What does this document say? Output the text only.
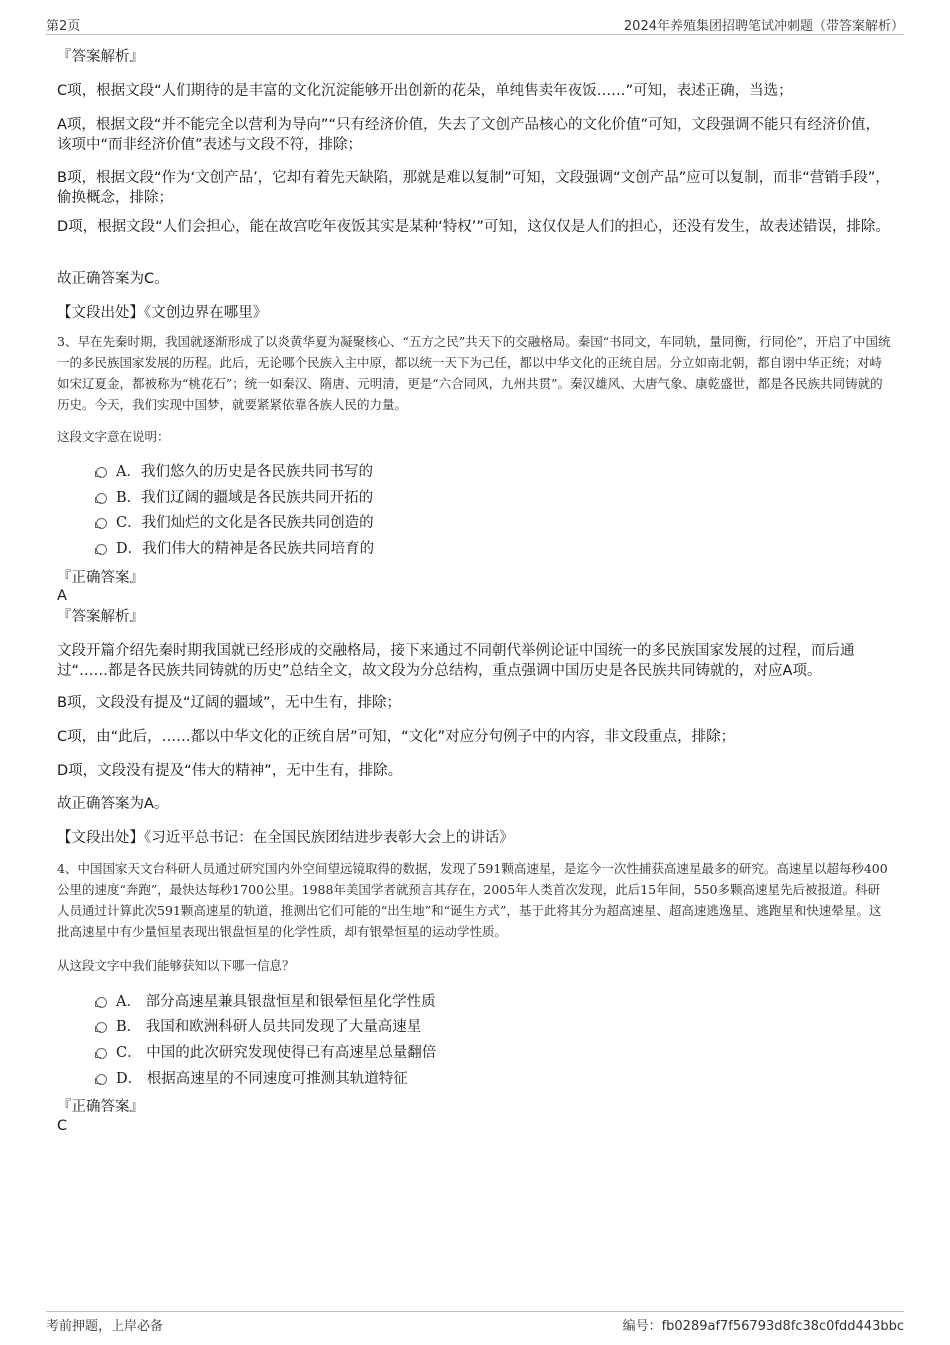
第2页	2024年养殖集团招聘笔试冲刺题（带答案解析）
『答案解析』
C项，根据文段“人们期待的是丰富的文化沉淀能够开出创新的花朵，单纯售卖年夜饭……”可知，表述正确，当选；
A项，根据文段“并不能完全以营利为导向”“只有经济价值，失去了文创产品核心的文化价值”可知，文段强调不能只有经济价值，该项中“而非经济价值”表述与文段不符，排除；
B项，根据文段“作为‘文创产品’，它却有着先天缺陷，那就是难以复制”可知，文段强调“文创产品”应可以复制，而非“营销手段”，偷换概念，排除；
D项，根据文段“人们会担心，能在故宫吃年夜饭其实是某种‘特权’”可知，这仅仅是人们的担心，还没有发生，故表述错误，排除。
故正确答案为C。
【文段出处】《文创边界在哪里》
3、早在先秦时期，我国就逐渐形成了以炎黄华夏为凝聚核心、“五方之民”共天下的交融格局。秦国“书同文，车同轨，量同衡，行同伦”，开启了中国统一的多民族国家发展的历程。此后，无论哪个民族入主中原，都以统一天下为己任，都以中华文化的正统自居。分立如南北朝，都自诩中华正统；对峙如宋辽夏金，都被称为“桃花石”；统一如秦汉、隋唐、元明清，更是“六合同风，九州共贯”。秦汉雄风、大唐气象、康乾盛世，都是各民族共同铸就的历史。今天，我们实现中国梦，就要紧紧依靠各族人民的力量。
这段文字意在说明：
A．我们悠久的历史是各民族共同书写的
B．我们辽阔的疆域是各民族共同开拓的
C．我们灿烂的文化是各民族共同创造的
D．我们伟大的精神是各民族共同培育的
『正确答案』
A
『答案解析』
文段开篇介绍先秦时期我国就已经形成的交融格局，接下来通过不同朝代举例论证中国统一的多民族国家发展的过程，而后通过“……都是各民族共同铸就的历史”总结全文，故文段为分总结构，重点强调中国历史是各民族共同铸就的，对应A项。
B项，文段没有提及“辽阔的疆域”，无中生有，排除；
C项，由“此后，……都以中华文化的正统自居”可知，“文化”对应分句例子中的内容，非文段重点，排除；
D项，文段没有提及“伟大的精神”，无中生有，排除。
故正确答案为A。
【文段出处】《习近平总书记：在全国民族团结进步表彰大会上的讲话》
4、中国国家天文台科研人员通过研究国内外空间望远镜取得的数据，发现了591颗高速星，是迄今一次性捕获高速星最多的研究。高速星以超每秒400公里的速度“奔跑”，最快达每秒1700公里。1988年美国学者就预言其存在，2005年人类首次发现，此后15年间，550多颗高速星先后被报道。科研人员通过计算此次591颗高速星的轨道，推测出它们可能的“出生地”和“诞生方式”，基于此将其分为超高速星、超高速逃逸星、逃跑星和快速晕星。这批高速星中有少量恒星表现出银盘恒星的化学性质，却有银晕恒星的运动学性质。
从这段文字中我们能够获知以下哪一信息？
A． 部分高速星兼具银盘恒星和银晕恒星化学性质
B． 我国和欧洲科研人员共同发现了大量高速星
C． 中国的此次研究发现使得已有高速星总量翻倍
D． 根据高速星的不同速度可推测其轨道特征
『正确答案』
C
考前押题，上岸必备	编号：fb0289af7f56793d8fc38c0fdd443bbc
